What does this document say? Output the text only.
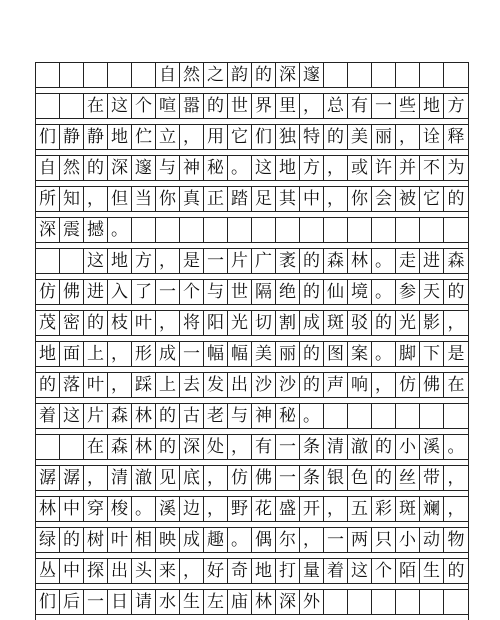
自 然 之 韵 的 深 邃
在 这 个 喧 嚣 的 世 界 里 ， 总 有 一 些 地 方
们 静 静 地 伫 立 ， 用 它 们 独 特 的 美 丽 ， 诠 释
自 然 的 深 邃 与 神 秘 。 这 地 方 ， 或 许 并 不 为
所 知 ， 但 当 你 真 正 踏 足 其 中 ， 你 会 被 它 的
深 震 撼 。
这 地 方 ， 是 一 片 广 袤 的 森 林 。 走 进 森
仿 佛 进 入 了 一 个 与 世 隔 绝 的 仙 境 。 参 天 的
茂 密 的 枝 叶 ， 将 阳 光 切 割 成 斑 驳 的 光 影 ，
地 面 上 ， 形 成 一 幅 幅 美 丽 的 图 案 。 脚 下 是
的 落 叶 ， 踩 上 去 发 出 沙 沙 的 声 响 ， 仿 佛 在
着 这 片 森 林 的 古 老 与 神 秘 。
在 森 林 的 深 处 ， 有 一 条 清 澈 的 小 溪 。
潺 潺 ， 清 澈 见 底 ， 仿 佛 一 条 银 色 的 丝 带 ，
林 中 穿 梭 。 溪 边 ， 野 花 盛 开 ， 五 彩 斑 斓 ，
绿 的 树 叶 相 映 成 趣 。 偶 尔 ， 一 两 只 小 动 物
丛 中 探 出 头 来 ， 好 奇 地 打 量 着 这 个 陌 生 的
们 后 一 日 请 水 生 左 庙 林 深 外
